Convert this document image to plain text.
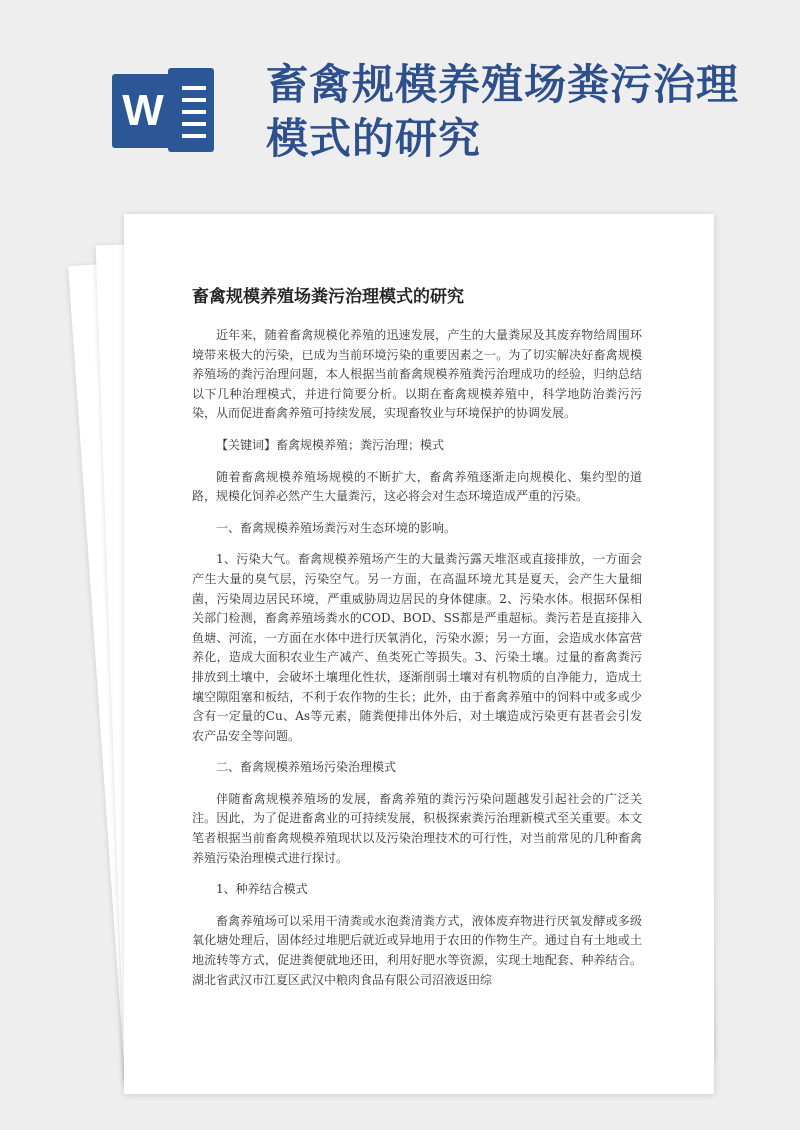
W
畜禽规模养殖场粪污治理模式的研究
畜禽规模养殖场粪污治理模式的研究

近年来，随着畜禽规模化养殖的迅速发展，产生的大量粪尿及其废弃物给周围环境带来极大的污染，已成为当前环境污染的重要因素之一。为了切实解决好畜禽规模养殖场的粪污治理问题，本人根据当前畜禽规模养殖粪污治理成功的经验，归纳总结以下几种治理模式，并进行简要分析。以期在畜禽规模养殖中，科学地防治粪污污染，从而促进畜禽养殖可持续发展，实现畜牧业与环境保护的协调发展。

【关键词】畜禽规模养殖；粪污治理；模式

随着畜禽规模养殖场规模的不断扩大，畜禽养殖逐渐走向规模化、集约型的道路，规模化饲养必然产生大量粪污，这必将会对生态环境造成严重的污染。

一、畜禽规模养殖场粪污对生态环境的影响。

1、污染大气。畜禽规模养殖场产生的大量粪污露天堆沤或直接排放，一方面会产生大量的臭气层，污染空气。另一方面，在高温环境尤其是夏天，会产生大量细菌，污染周边居民环境，严重威胁周边居民的身体健康。2、污染水体。根据环保相关部门检测，畜禽养殖场粪水的COD、BOD、SS都是严重超标。粪污若是直接排入鱼塘、河流，一方面在水体中进行厌氧消化，污染水源；另一方面，会造成水体富营养化，造成大面积农业生产减产、鱼类死亡等损失。3、污染土壤。过量的畜禽粪污排放到土壤中，会破坏土壤理化性状，逐渐削弱土壤对有机物质的自净能力，造成土壤空隙阻塞和板结，不利于农作物的生长；此外，由于畜禽养殖中的饲料中或多或少含有一定量的Cu、As等元素，随粪便排出体外后，对土壤造成污染更有甚者会引发农产品安全等问题。

二、畜禽规模养殖场污染治理模式

伴随畜禽规模养殖场的发展，畜禽养殖的粪污污染问题越发引起社会的广泛关注。因此，为了促进畜禽业的可持续发展，积极探索粪污治理新模式至关重要。本文笔者根据当前畜禽规模养殖现状以及污染治理技术的可行性，对当前常见的几种畜禽养殖污染治理模式进行探讨。

1、种养结合模式

畜禽养殖场可以采用干清粪或水泡粪清粪方式，液体废弃物进行厌氧发酵或多级氧化塘处理后，固体经过堆肥后就近或异地用于农田的作物生产。通过自有土地或土地流转等方式，促进粪便就地还田，利用好肥水等资源，实现土地配套、种养结合。湖北省武汉市江夏区武汉中粮肉食品有限公司沼液返田综
